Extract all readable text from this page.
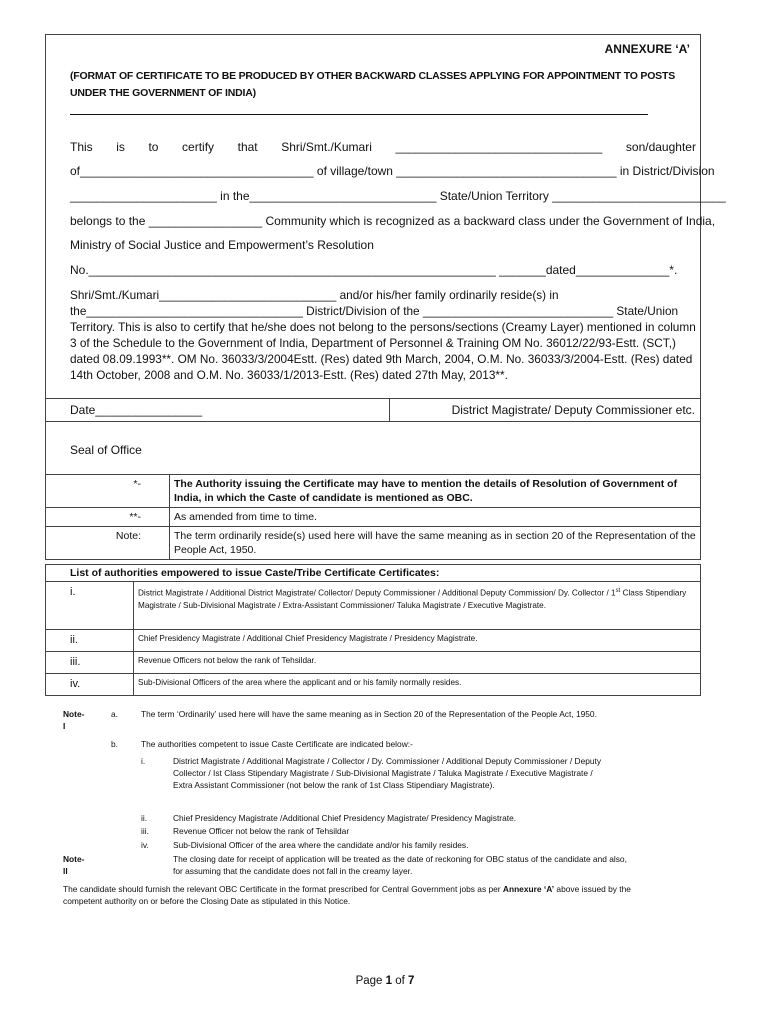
ANNEXURE ‘A’
(FORMAT OF CERTIFICATE TO BE PRODUCED BY OTHER BACKWARD CLASSES APPLYING FOR APPOINTMENT TO POSTS UNDER THE GOVERNMENT OF INDIA)
This is to certify that Shri/Smt./Kumari _______________________________ son/daughter
of___________________________________ of village/town _________________________________ in District/Division
______________________ in the____________________________ State/Union Territory __________________________
belongs to the _________________ Community which is recognized as a backward class under the Government of India,
Ministry of Social Justice and Empowerment’s Resolution
No._____________________________________________________________ _______dated______________*.
Shri/Smt./Kumari___________________________ and/or his/her family ordinarily reside(s) in the_________________________________ District/Division of the _____________________________ State/Union Territory. This is also to certify that he/she does not belong to the persons/sections (Creamy Layer) mentioned in column 3 of the Schedule to the Government of India, Department of Personnel & Training OM No. 36012/22/93-Estt. (SCT,) dated 08.09.1993**. OM No. 36033/3/2004Estt. (Res) dated 9th March, 2004, O.M. No. 36033/3/2004-Estt. (Res) dated 14th October, 2008 and O.M. No. 36033/1/2013-Estt. (Res) dated 27th May, 2013**.
Date________________	District Magistrate/ Deputy Commissioner etc.
Seal of Office
*-	The Authority issuing the Certificate may have to mention the details of Resolution of Government of India, in which the Caste of candidate is mentioned as OBC.
**-	As amended from time to time.
Note:	The term ordinarily reside(s) used here will have the same meaning as in section 20 of the Representation of the People Act, 1950.
List of authorities empowered to issue Caste/Tribe Certificate Certificates:	
i.	District Magistrate / Additional District Magistrate/ Collector/ Deputy Commissioner / Additional Deputy Commission/ Dy. Collector / 1st Class Stipendiary Magistrate / Sub-Divisional Magistrate / Extra-Assistant Commissioner/ Taluka Magistrate / Executive Magistrate.
ii.	Chief Presidency Magistrate / Additional Chief Presidency Magistrate / Presidency Magistrate.
iii.	Revenue Officers not below the rank of Tehsildar.
iv.	Sub-Divisional Officers of the area where the applicant and or his family normally resides.
Note-
I
a.	The term ‘Ordinarily’ used here will have the same meaning as in Section 20 of the Representation of the People Act, 1950.
b.	The authorities competent to issue Caste Certificate are indicated below:-
i.	District Magistrate / Additional Magistrate / Collector / Dy. Commissioner / Additional Deputy Commissioner / Deputy Collector / Ist Class Stipendary Magistrate / Sub-Divisional Magistrate / Taluka Magistrate / Executive Magistrate / Extra Assistant Commissioner (not below the rank of 1st Class Stipendiary Magistrate).
ii.	Chief Presidency Magistrate /Additional Chief Presidency Magistrate/ Presidency Magistrate.
iii.	Revenue Officer not below the rank of Tehsildar
iv.	Sub-Divisional Officer of the area where the candidate and/or his family resides.
Note-
II
The closing date for receipt of application will be treated as the date of reckoning for OBC status of the candidate and also, for assuming that the candidate does not fall in the creamy layer.
The candidate should furnish the relevant OBC Certificate in the format prescribed for Central Government jobs as per Annexure ‘A’ above issued by the competent authority on or before the Closing Date as stipulated in this Notice.
Page 1 of 7
